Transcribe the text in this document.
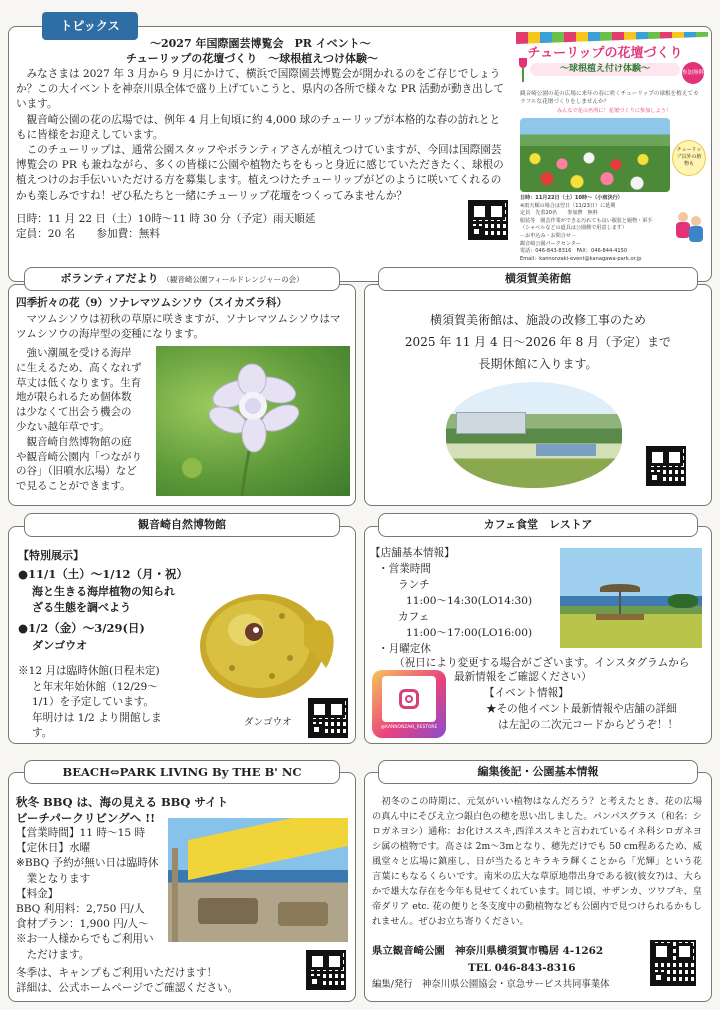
トピックス
～2027 年国際園芸博覧会　PR イベント～
チューリップの花壇づくり　～球根植えつけ体験～

　みなさまは 2027 年 3 月から 9 月にかけて、横浜で国際園芸博覧会が開かれるのをご存じでしょうか？この大イベントを神奈川県全体で盛り上げていこうと、県内の各所で様々な PR 活動が動き出しています。

　観音崎公園の花の広場では、例年 4 月上旬頃に約 4,000 球のチューリップが本格的な春の訪れとともに皆様をお迎えしています。

　このチューリップは、通常公園スタッフやボランティアさんが植えつけていますが、今回は国際園芸博覧会の PR も兼ねながら、多くの皆様に公園や植物たちをもっと身近に感じていただきたく、球根の植えつけのお手伝いいただける方を募集します。植えつけたチューリップがどのように咲いてくれるのかも楽しみですね！ぜひ私たちと一緒にチューリップ花壇をつくってみませんか？

日時：11 月 22 日（土）10時～11 時 30 分（予定）雨天順延
定員：20 名　　参加費：無料
チューリップの花壇づくり
～球根植え付け体験～	参加無料
観音崎公園の花の広場に来年の春に咲くチューリップの球根を植えてカラフルな花壇づくりをしませんか？
みんなで花の名所に！花壇づくりに参加しよう！
チューリップ以外の植物も
日時：11月22日（土）10時～（小雨決行）
※雨天順の場合は翌日（11/23日）に延期
定員　先着20名　　参加費　無料
服装等　園芸作業ができる汚れても良い服装と履物・軍手
（シャベルなどの道具は公園側で用意します）
－お申込み・お問合せ－
観音崎公園パークセンター
電話：046-843-8316　FAX：046-844-4150
Email：kannonzaki-event@kanagawa-park.or.jp
ボランティアだより （観音崎公園フィールドレンジャーの会）
四季折々の花（9）ソナレマツムシソウ（スイカズラ科）
　マツムシソウは初秋の草原に咲きますが、ソナレマツムシソウはマツムシソウの海岸型の変種になります。
　強い潮風を受ける海岸
に生えるため、高くなれず
草丈は低くなります。生育
地が限られるため個体数
は少なくて出会う機会の
少ない越年草です。
　観音崎自然博物館の庭
や観音崎公園内「つながり
の谷」（旧噴水広場）など
で見ることができます。
横須賀美術館
横須賀美術館は、施設の改修工事のため
2025 年 11 月 4 日～2026 年 8 月（予定）まで
長期休館に入ります。
観音崎自然博物館
【特別展示】
●11/1（土）～1/12（月・祝）
海と生きる海岸植物の知られ
ざる生態を調べよう
●1/2（金）～3/29(日)
ダンゴウオ
※12 月は臨時休館(日程未定)
と年末年始休館（12/29～
1/1）を予定しています。
年明けは 1/2 より開館しま
す。
ダンゴウオ
カフェ食堂　レストア
【店舗基本情報】
・営業時間
ランチ
11:00～14:30(LO14:30)
カフェ
11:00～17:00(LO16:00)
・月曜定休
（祝日により変更する場合がございます。インスタグラムから
最新情報をご確認ください）
【イベント情報】
★その他イベント最新情報や店舗の詳細
は左記の二次元コードからどうぞ！！
@KANNONZAKI_RESTORE
BEACH⇔PARK LIVING By THE B' NC
秋冬 BBQ は、海の見える BBQ サイト
ビーチパークリビングへ !!
【営業時間】11 時～15 時
【定休日】水曜
※BBQ 予約が無い日は臨時休
　業となります
【料金】
BBQ 利用料：2,750 円/人
食材プラン：1,900 円/人～
※お一人様からでもご利用い
　ただけます。
冬季は、キャンプもご利用いただけます！
詳細は、公式ホームページでご確認ください。
編集後記・公園基本情報
　初冬のこの時期に、元気がいい植物はなんだろう？と考えたとき、花の広場の真ん中にそびえ立つ銀白色の穂を思い出しました。パンパスグラス（和名：シロガネヨシ）通称：お化けススキ,西洋ススキと言われているイネ科シロガネヨシ属の植物です。高さは 2m～3mとなり、穂先だけでも 50 cm程あるため、威風堂々と広場に鎮座し、日が当たるとキラキラ輝くことから「光輝」という花言葉にもなるくらいです。南米の広大な草原地帯出身である彼(彼女?)は、大らかで雄大な存在を今年も見せてくれています。同じ頃、サザンカ、ツワブキ、皇帝ダリア etc. 花の便りと冬支度中の動植物なども公園内で見つけられるかもしれません。ぜひお立ち寄りください。
県立観音崎公園　神奈川県横須賀市鴨居 4-1262
TEL 046-843-8316
編集/発行　神奈川県公園協会・京急サービス共同事業体
